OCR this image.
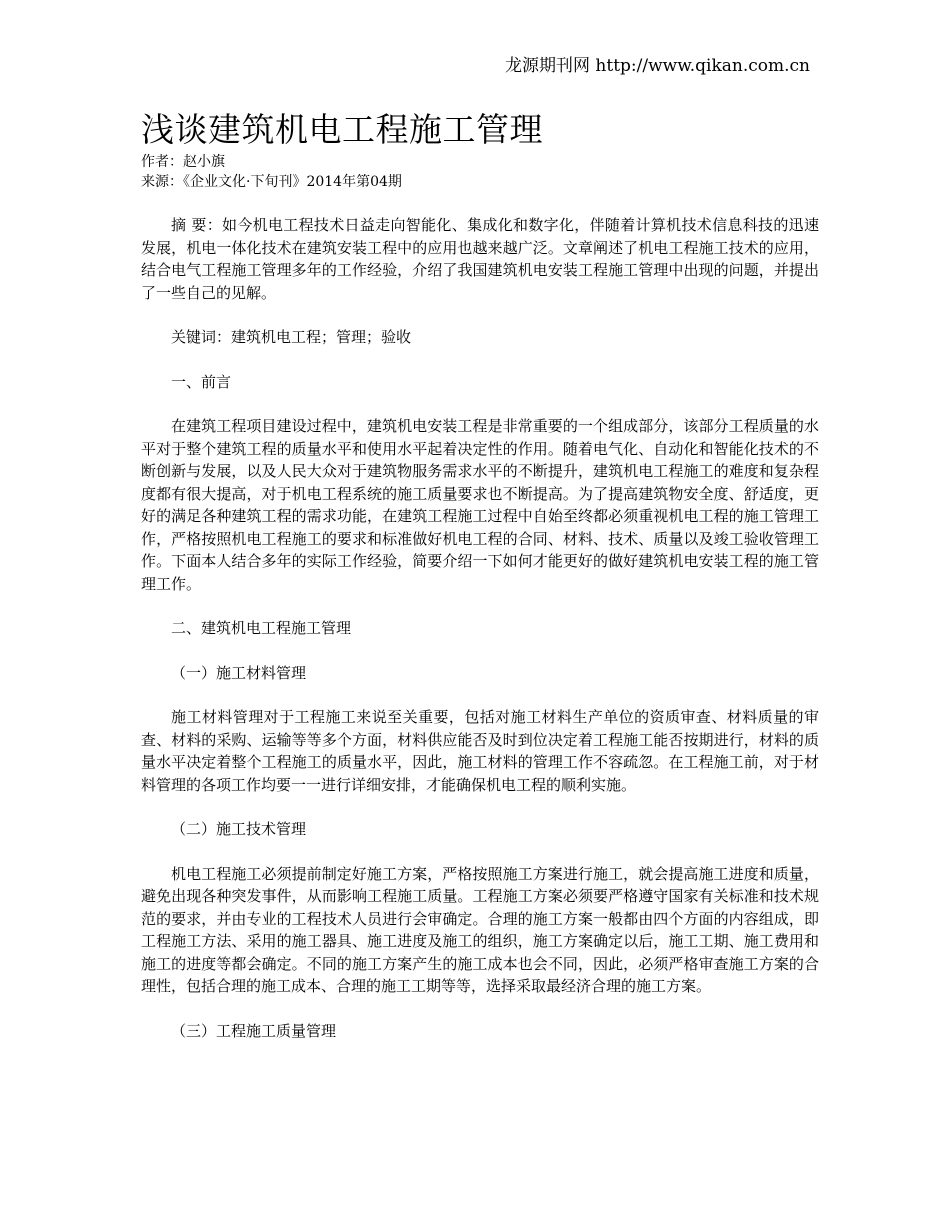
龙源期刊网 http://www.qikan.com.cn
浅谈建筑机电工程施工管理
作者：赵小旗
来源：《企业文化·下旬刊》2014年第04期

摘 要：如今机电工程技术日益走向智能化、集成化和数字化，伴随着计算机技术信息科技的迅速发展，机电一体化技术在建筑安装工程中的应用也越来越广泛。文章阐述了机电工程施工技术的应用，结合电气工程施工管理多年的工作经验，介绍了我国建筑机电安装工程施工管理中出现的问题，并提出了一些自己的见解。

关键词：建筑机电工程；管理；验收

一、前言

在建筑工程项目建设过程中，建筑机电安装工程是非常重要的一个组成部分，该部分工程质量的水平对于整个建筑工程的质量水平和使用水平起着决定性的作用。随着电气化、自动化和智能化技术的不断创新与发展，以及人民大众对于建筑物服务需求水平的不断提升，建筑机电工程施工的难度和复杂程度都有很大提高，对于机电工程系统的施工质量要求也不断提高。为了提高建筑物安全度、舒适度，更好的满足各种建筑工程的需求功能，在建筑工程施工过程中自始至终都必须重视机电工程的施工管理工作，严格按照机电工程施工的要求和标准做好机电工程的合同、材料、技术、质量以及竣工验收管理工作。下面本人结合多年的实际工作经验，简要介绍一下如何才能更好的做好建筑机电安装工程的施工管理工作。

二、建筑机电工程施工管理

（一）施工材料管理

施工材料管理对于工程施工来说至关重要，包括对施工材料生产单位的资质审查、材料质量的审查、材料的采购、运输等等多个方面，材料供应能否及时到位决定着工程施工能否按期进行，材料的质量水平决定着整个工程施工的质量水平，因此，施工材料的管理工作不容疏忽。在工程施工前，对于材料管理的各项工作均要一一进行详细安排，才能确保机电工程的顺利实施。

（二）施工技术管理

机电工程施工必须提前制定好施工方案，严格按照施工方案进行施工，就会提高施工进度和质量，避免出现各种突发事件，从而影响工程施工质量。工程施工方案必须要严格遵守国家有关标准和技术规范的要求，并由专业的工程技术人员进行会审确定。合理的施工方案一般都由四个方面的内容组成，即工程施工方法、采用的施工器具、施工进度及施工的组织，施工方案确定以后，施工工期、施工费用和施工的进度等都会确定。不同的施工方案产生的施工成本也会不同，因此，必须严格审查施工方案的合理性，包括合理的施工成本、合理的施工工期等等，选择采取最经济合理的施工方案。

（三）工程施工质量管理
